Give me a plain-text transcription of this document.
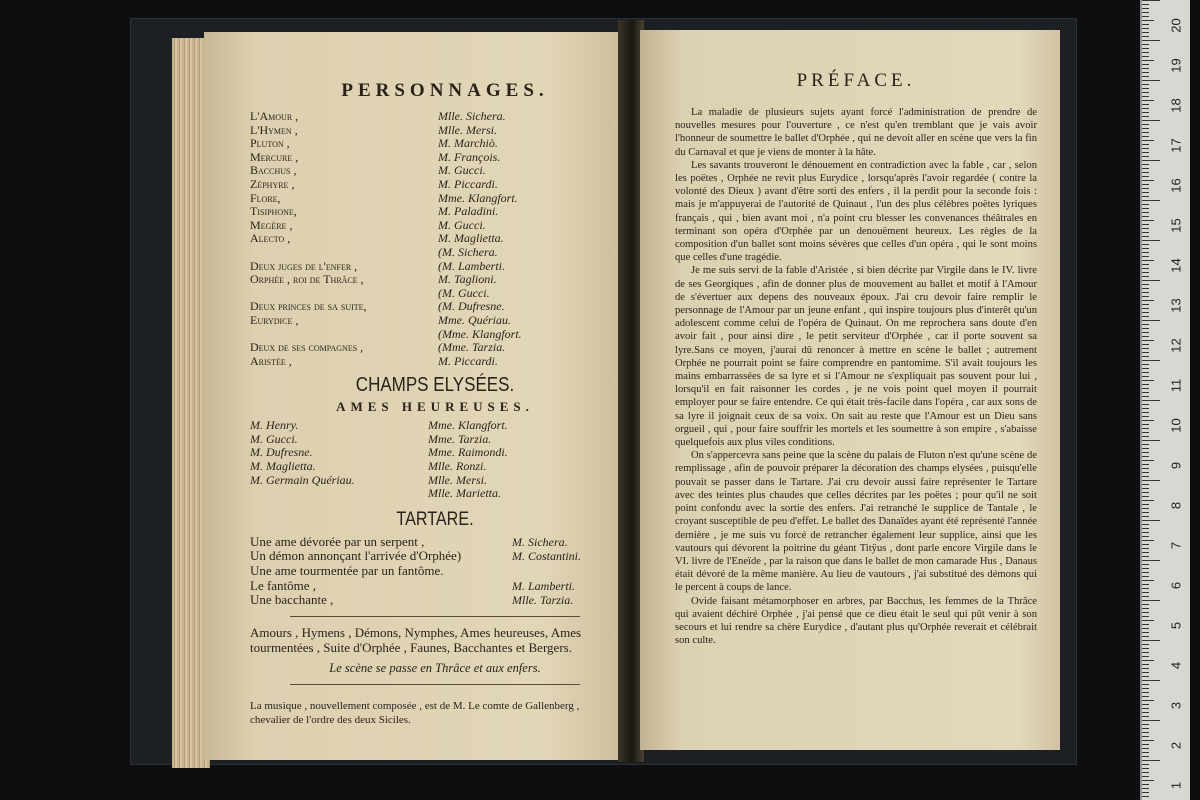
PERSONNAGES.
L'Amour ,	Mlle. Sichera.
L'Hymen ,	Mlle. Mersi.
Pluton ,	M. Marchiò.
Mercure ,	M. François.
Bacchus ,	M. Gucci.
Zéphyre ,	M. Piccardi.
Flore,	Mme. Klangfort.
Tisiphone,	M. Paladini.
Megère ,	M. Gucci.
Alecto ,	M. Maglietta.
(M. Sichera.
Deux juges de l'enfer ,	(M. Lamberti.
Orphée , roi de Thrâce ,	M. Taglioni.
(M. Gucci.
Deux princes de sa suite,	(M. Dufresne.
Eurydice ,	Mme. Quériau.
(Mme. Klangfort.
Deux de ses compagnes ,	(Mme. Tarzia.
Aristée ,	M. Piccardi.
CHAMPS ELYSÉES.
AMES HEUREUSES.
M. Henry.	Mme. Klangfort.
M. Gucci.	Mme. Tarzia.
M. Dufresne.	Mme. Raimondi.
M. Maglietta.	Mlle. Ronzi.
M. Germain Quériau.	Mlle. Mersi.
Mlle. Marietta.
TARTARE.
Une ame dévorée par un serpent ,	M. Sichera.
Un démon annonçant l'arrivée d'Orphée)	M. Costantini.
Une ame tourmentée par un fantôme.
Le fantôme ,	M. Lamberti.
Une bacchante ,	Mlle. Tarzia.
Amours , Hymens , Démons, Nymphes, Ames heureuses, Ames tourmentées , Suite d'Orphée , Faunes, Bacchantes et Bergers.
Le scène se passe en Thrâce et aux enfers.
La musique , nouvellement composée , est de M. Le comte de Gallenberg , chevalier de l'ordre des deux Siciles.
PRÉFACE.

La maladie de plusieurs sujets ayant forcé l'administration de prendre de nouvelles mesures pour l'ouverture , ce n'est qu'en tremblant que je vais avoir l'honneur de soumettre le ballet d'Orphée , qui ne devoit aller en scène que vers la fin du Carnaval et que je viens de monter à la hâte.

Les savants trouveront le dénouement en contradiction avec la fable , car , selon les poëtes , Orphée ne revit plus Eurydice , lorsqu'après l'avoir regardée ( contre la volonté des Dieux ) avant d'être sorti des enfers , il la perdit pour la seconde fois : mais je m'appuyerai de l'autorité de Quinaut , l'un des plus célèbres poëtes lyriques français , qui , bien avant moi , n'a point cru blesser les convenances théâtrales en terminant son opéra d'Orphée par un denouëment heureux. Les règles de la composition d'un ballet sont moins sévères que celles d'un opéra , qui le sont moins que celles d'une tragédie.

Je me suis servi de la fable d'Aristée , si bien décrite par Virgile dans le IV. livre de ses Georgiques , afin de donner plus de mouvement au ballet et motif à l'Amour de s'évertuer aux depens des nouveaux époux. J'ai cru devoir faire remplir le personnage de l'Amour par un jeune enfant , qui inspire toujours plus d'interêt qu'un adolescent comme celui de l'opéra de Quinaut. On me reprochera sans doute d'en avoir fait , pour ainsi dire , le petit serviteur d'Orphée , car il porte souvent sa lyre.Sans ce moyen, j'aurai dû renoncer à mettre en scène le ballet ; autrement Orphée ne pourrait point se faire comprendre en pantomime. S'il avait toujours les mains embarrassées de sa lyre et si l'Amour ne s'expliquait pas souvent pour lui , lorsqu'il en fait raisonner les cordes , je ne vois point quel moyen il pourrait employer pour se faire entendre. Ce qui était très-facile dans l'opéra , car aux sons de sa lyre il joignait ceux de sa voix. On sait au reste que l'Amour est un Dieu sans orgueil , qui , pour faire souffrir les mortels et les soumettre à son empire , s'abaisse quelquefois aux plus viles conditions.

On s'appercevra sans peine que la scène du palais de Fluton n'est qu'une scène de remplissage , afin de pouvoir préparer la décoration des champs elysées , puisqu'elle pouvait se passer dans le Tartare. J'ai cru devoir aussi faire représenter le Tartare avec des teintes plus chaudes que celles décrites par les poëtes ; pour qu'il ne soit point confondu avec la sortie des enfers. J'ai retranché le supplice de Tantale , le croyant susceptible de peu d'effet. Le ballet des Danaïdes ayant été représenté l'année dernière , je me suis vu forcé de retrancher également leur supplice, ainsi que les vautours qui dévorent la poitrine du géant Titÿus , dont parle encore Virgile dans le VI. livre de l'Eneïde , par la raison que dans le ballet de mon camarade Hus , Danaus était dévoré de la même manière. Au lieu de vautours , j'ai substitué des démons qui le percent à coups de lance.

Ovide faisant métamorphoser en arbres, par Bacchus, les femmes de la Thrâce qui avaient déchiré Orphée , j'ai pensé que ce dieu était le seul qui pût venir à son secours et lui rendre sa chère Eurydice , d'autant plus qu'Orphée reverait et célébrait son culte.

20
19
18
17
16
15
14
13
12
11
10
9
8
7
6
5
4
3
2
1
